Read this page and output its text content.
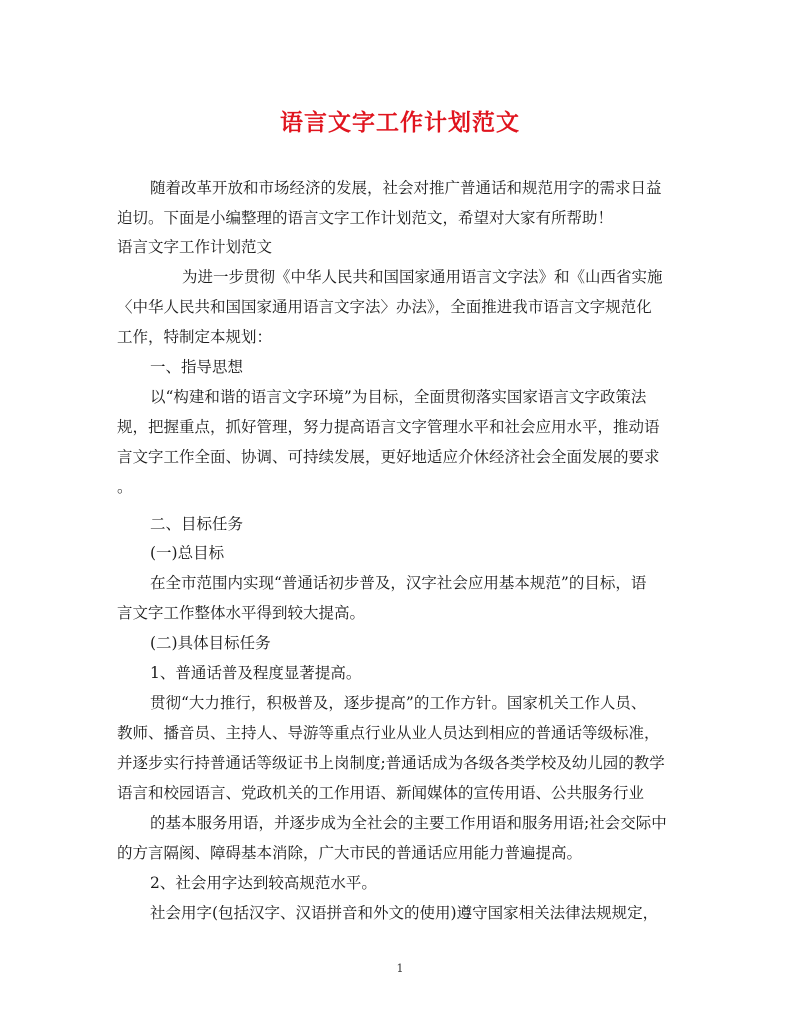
语言文字工作计划范文
随着改革开放和市场经济的发展，社会对推广普通话和规范用字的需求日益
迫切。下面是小编整理的语言文字工作计划范文，希望对大家有所帮助！
语言文字工作计划范文
为进一步贯彻《中华人民共和国国家通用语言文字法》和《山西省实施
〈中华人民共和国国家通用语言文字法〉办法》，全面推进我市语言文字规范化
工作，特制定本规划：
一、指导思想
以“构建和谐的语言文字环境”为目标，全面贯彻落实国家语言文字政策法
规，把握重点，抓好管理，努力提高语言文字管理水平和社会应用水平，推动语
言文字工作全面、协调、可持续发展，更好地适应介休经济社会全面发展的要求
。
二、目标任务
(一)总目标
在全市范围内实现“普通话初步普及，汉字社会应用基本规范”的目标，语
言文字工作整体水平得到较大提高。
(二)具体目标任务
1、普通话普及程度显著提高。
贯彻“大力推行，积极普及，逐步提高”的工作方针。国家机关工作人员、
教师、播音员、主持人、导游等重点行业从业人员达到相应的普通话等级标准，
并逐步实行持普通话等级证书上岗制度;普通话成为各级各类学校及幼儿园的教学
语言和校园语言、党政机关的工作用语、新闻媒体的宣传用语、公共服务行业
的基本服务用语，并逐步成为全社会的主要工作用语和服务用语;社会交际中
的方言隔阂、障碍基本消除，广大市民的普通话应用能力普遍提高。
2、社会用字达到较高规范水平。
社会用字(包括汉字、汉语拼音和外文的使用)遵守国家相关法律法规规定，
1
